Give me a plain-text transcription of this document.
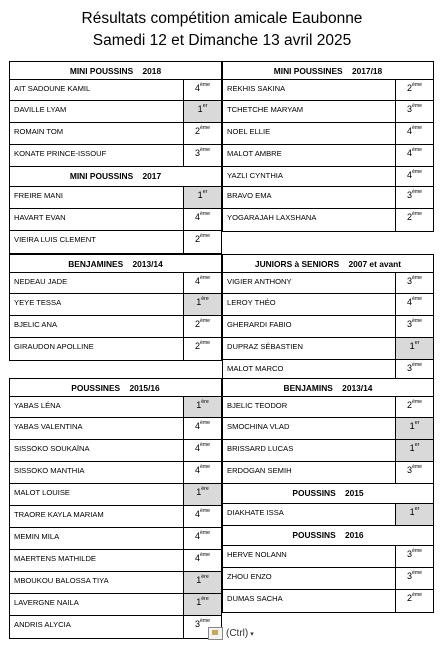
Résultats compétition amicale Eaubonne
Samedi 12 et Dimanche 13 avril 2025
MINI POUSSINS    2018
AIT SADOUNE KAMIL	4ème
DAVILLE LYAM	1er
ROMAIN TOM	2ème
KONATE PRINCE-ISSOUF	3ème
MINI POUSSINS    2017
FREIRE MANI	1er
HAVART EVAN	4ème
VIEIRA LUIS CLEMENT	2ème
MINI POUSSINES    2017/18
REKHIS SAKINA	2ème
TCHETCHE MARYAM	3ème
NOEL ELLIE	4ème
MALOT AMBRE	4ème
YAZLI CYNTHIA	4ème
BRAVO EMA	3ème
YOGARAJAH LAXSHANA	2ème
BENJAMINES    2013/14
NEDEAU JADE	4ème
YEYE TESSA	1ère
BJELIC ANA	2ème
GIRAUDON APOLLINE	2ème
JUNIORS à SENIORS    2007 et avant
VIGIER ANTHONY	3ème
LEROY THÉO	4ème
GHERARDI FABIO	3ème
DUPRAZ SÉBASTIEN	1er
MALOT MARCO	3ème
POUSSINES    2015/16
YABAS LÉNA	1ère
YABAS VALENTINA	4ème
SISSOKO SOUKAÏNA	4ème
SISSOKO MANTHIA	4ème
MALOT LOUISE	1ère
TRAORE KAYLA MARIAM	4ème
MEMIN MILA	4ème
MAERTENS MATHILDE	4ème
MBOUKOU BALOSSA TIYA	1ère
LAVERGNE NAILA	1ère
ANDRIS ALYCIA	3ème
BENJAMINS    2013/14
BJELIC TEODOR	2ème
SMOCHINA VLAD	1er
BRISSARD LUCAS	1er
ERDOGAN SEMIH	3ème
POUSSINS    2015
DIAKHATE ISSA	1er
POUSSINS    2016
HERVE NOLANN	3ème
ZHOU ENZO	3ème
DUMAS SACHA	2ème
(Ctrl) ▾
